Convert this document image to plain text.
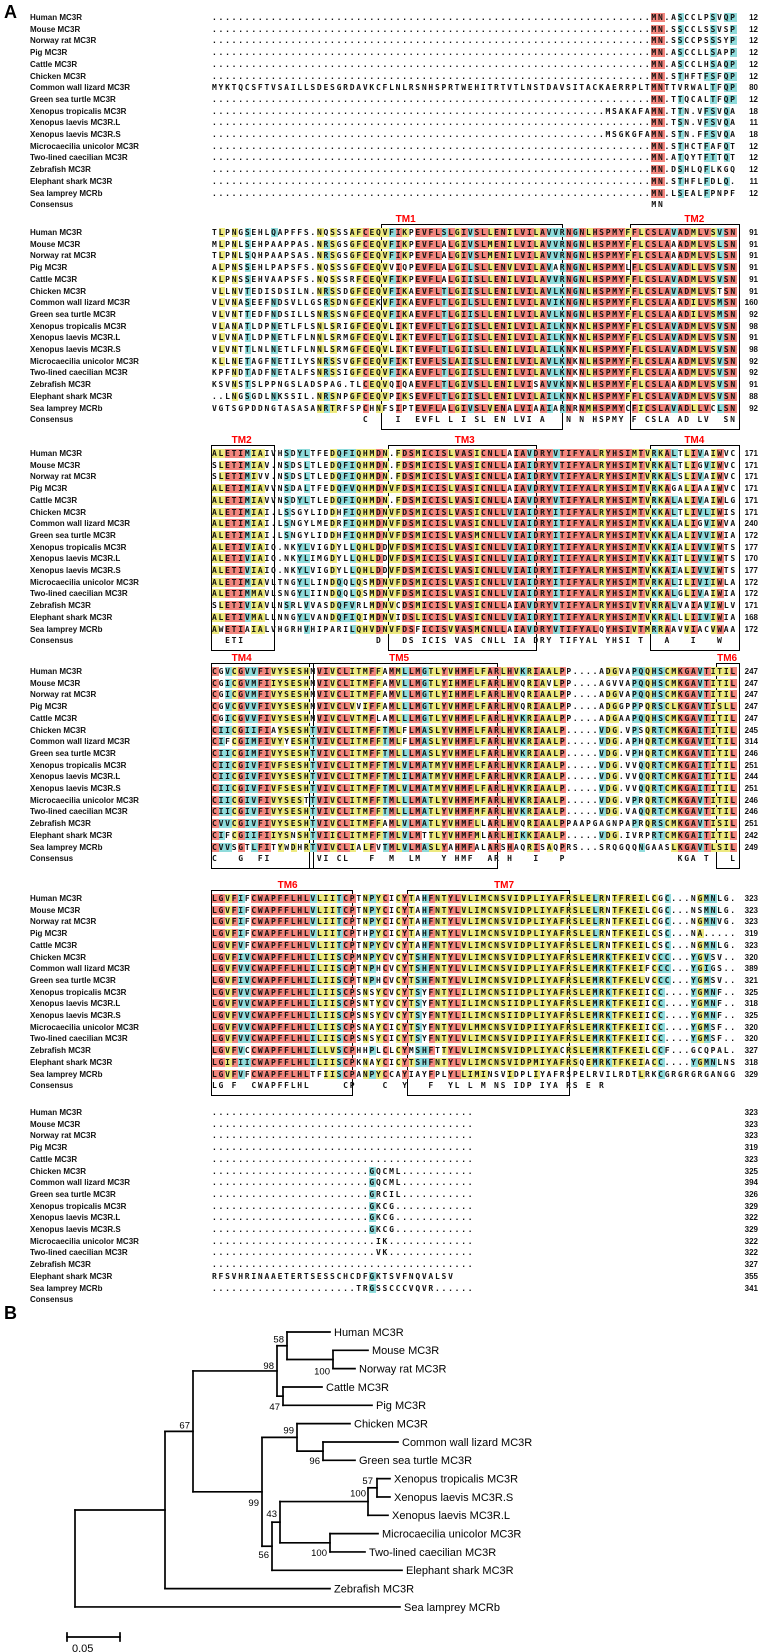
A Human MC3R	...................................................................MN.ASCCLPSVQP	12
Mouse MC3R	...................................................................MN.SSCCLSSVSP	12
Norway rat MC3R	...................................................................MN.SSCCPSSSYP	12
Pig MC3R	...................................................................MN.ASCCLLSAPP	12
Cattle MC3R	...................................................................MN.ASCCLHSAQP	12
Chicken MC3R	...................................................................MN.STHFTFSFQP	12
Common wall lizard MC3R	MYKTQCSFTVSAILLSDESGRDAVKCFLNLRSNHSPRTWEHITRTVTLNSTDAVSITACKAERRPLTMNTTVRWALTFQP	80
Green sea turtle MC3R	...................................................................MN.TTQCALTFQP	12
Xenopus tropicalis MC3R	............................................................MSAKAFAMN.TTN.VFSVQA 18
Xenopus laevis MC3R.L	...................................................................MN.TSN.VFSVQA 11
Xenopus laevis MC3R.S	............................................................MSGKGFAMN.STN.FFSVQA 18
Microcaecilia unicolor MC3R	...................................................................MN.STHCTFAFQT 12
Two-lined caecilian MC3R	...................................................................MN.ATQYTFTTQT 12
Zebrafish MC3R	...................................................................MN.DSHLQFLKGQ 12
Elephant shark MC3R	...................................................................MN.STHFLFDLQ. 11
Sea lamprey MCRb	...................................................................MN.LSEALFPNPF 12
Consensus	MN
TM1	TM2
Human MC3R	TLPNGSEHLQAPFFS.NQSSSAFCEQVFIKPEVFLSLGIVSLLENILVILAVVRNGNLHSPMYFFLCSLAVADMLVSVSN	91
Mouse MC3R	MLPNLSEHPAAPPAS.NRSGSGFCEQVFIKPEVFLALGIVSLMENILVILAVVRNGNLHSPMYFFLCSLAAADMLVSLSN	91
Norway rat MC3R	TLPNLSQHPAAPSAS.NRSGSGFCEQVFIKPEVFLALGIVSLMENILVILAVVRNGNLHSPMYFFLCSLAAADMLVSLSN	91
Pig MC3R	ALPNSSEHLPAPSFS.NQSSSGFCEQVVIQPEVFLALGILSLLENVLVILAVARNGNLHSPMYLFLCSLAVADLLVSVSN	91
Cattle MC3R	KLPNSSEHVAAPSFS.NQSSSRFCEQVFIKPEVFLALGIISLLENILVILAVVRNGNLHSPMYFFLCSLAVADMLVSVSN	91
Chicken MC3R	VLLNVTEDISDSILN.NRSSDGFCEQVFIKAEVFLTLGIISLLENILVILAVLKNGNLHSPMYFFLCSLAVADMLVSTSN	91
Common wall lizard MC3R	VLVNASEEFNDSVLLGSRSDNGFCEKVFIKAEVFLTLGILSLLENILVILAVIKNGNLHSPMYFFLCSLAAADILVSMSN 160
Green sea turtle MC3R	VLVNTTEDFNDSILLSNRSSNGFCEQVFIKAEVFLTLGIISLLENILVILAVLKNGNLHSPMYFFLCSLAAADILVSMSN	92
Xenopus tropicalis MC3R	VLANATLDPNETLFLSNLSRIGFCEQVLIKTEVFLTLGIISLLENILVILAILKNKNLHSPMYFFLCSLAVADMLVSVSN	98
Xenopus laevis MC3R.L	VLVNATLDPNETLFLNNLSRMGFCEQVLIKTEVFLTLGIISLLENILVILAILKNKNLHSPMYFFLCSLAVADMLVSVSN	91
Xenopus laevis MC3R.S	VLVNTTLNLNETLFLNNLSRMGFCEQVLIKTEVFLTLGIISLLENILVILAILKNKNLHSPMYFFLCSLAVADMLVSVSN	98
Microcaecilia unicolor MC3R	KLLNETAGFNETILYSNRSSVGFCEQVFIKTEVFLSLAIISLLENILVILAVLKNKNLHSPMYFFLCSLAAADMLVSVSN	92
Two-lined caecilian MC3R	KPFNDTADFNETALFSNRSSIGFCEQVFIKAEVFLTLGIISLLENILVILAVLKNKNLHSPMYFFLCSLAAADMLVSVSN	92
Zebrafish MC3R	KSVNSTSLPPNGSLADSPAG.TLCEQVQIQAEVFLTLGIVSLLENILVISAVVKNKNLHSPMYFFLCSLAAADMLVSVSN	91
Elephant shark MC3R	..LNGSGDLNKSSIL.NRSNPGFCEQVPIKSEVFLTLGIISLLENILVILAILKNKNLHSPMYFFLCSLAVADMLVSVSN	88
Sea lamprey MCRb	VGTSGPDDNGTASASANRTRFSPCHNFSIPTEVFLALGIVSLVENALVIAAIARNRNMHSPMYCFICSLAVADLLVCLSN	92
Consensus	C    I  EVFL L I SL EN LVI A   N N HSPMY F CSLA AD LV  SN
TM2	TM3	TM4
Human MC3R	ALETIMIAIVHSDYLTFEDQFIQHMDN.FDSMICISLVASICNLLAIAVDRYVTIFYALRYHSIMTVRKALTLIVAIWVC 171
Mouse MC3R	SLETIMIAV.NSDSLTLEDQFIQHMDN.FDSMICISLVASICNLLAIAIDRYVTIFYALRYHSIMTVRKALTLIGVIWVC 171
Norway rat MC3R	SLETIMIVV.NSDSLTLEDQFIQHMDN.FDSMICISLVASICNLLAIAIDRYVTIFYALRYHSIMTVRKALSLIVAIWVC 171
Pig MC3R	ALETIMIAVVNSDALTFEDQFVQHMDNVFDSMICISLVASICNLLAIAVDRYVTIFYALRYHSIMTVRKAGALIAAIWVC 171
Cattle MC3R	ALETIMIAVVNSDYLTLEDQFIQHMDN.FDSMICISLVASICNLLAIAVDRYVTIFYALRYHSIMTVRKALALIVAIWLG 171
Chicken MC3R	ALETIMIAI.LSSGYLIDDHFIQHMDNVFDSMICISLVASICNLLVIAIDRYITIFYALRYHSIMTVKKALTLIVLIWIS 171
Common wall lizard MC3R	ALETIMIAI.LSNGYLMEDRFIQHMDNVFDSMICISLVASICNLLVIAIDRYITIFYALRYHSIMTVKKALALIGVIWVA 240
Green sea turtle MC3R	ALETIMIAI.LSNGYLIDDHFIQHMDNVFDSMICISLVASMCNLLVIAIDRYITIFYALRYHSIMTVKKALALIVVIWIA 172
Xenopus tropicalis MC3R	ALETIVIAIQ.NKYLVIGDYLLQHLDDVFDSMICISLVASICNLLVIAIDRYITIFYALRYHSIMTVKKAIALIVVIWTS 177
Xenopus laevis MC3R.L	ALETIVIAIQ.NKYLIMGDYLLQHLDDVFDSMICISLVASICNLLVIAIDRYITIFYALRYHSIMTVKKAITLIVVIWTS 170
Xenopus laevis MC3R.S	ALETIVIAIQ.NKYLVIGDYLLQHLDDVFDSMICISLVASICNLLVIAIDRYITIFYALRYHSIMTVKKAIALIVVIWTS 177
Microcaecilia unicolor MC3R	ALETIMIAVLTNGYLLINDQQLQSMDNVFDSMICISLVASICNLLVIAIDRYITIFYALRYHSIMTVRKALILIVIIWLA 172
Two-lined caecilian MC3R	ALETIMMAVLSNGYLIINDQQLQSMDNVFDSMICISLVASICNLLVIAIDRYITIFYALRYHSIMTVKKALGLIVAIWIA 172
Zebrafish MC3R	SLETIVIAVLNSRLVVASDQFVRLMDNVCDSMICISLVASICNLLAIAVDRYVTIFYALRYHSIVTVRRALVAIAVIWLV 171
Elephant shark MC3R	ALETIVMALLNNGYLVANDQFIQIMDNVIDSLICISLVASICNLLVIAIDRYITIFYALRYHSIMTVKRALLLIIVIWIA 168
Sea lamprey MCRb	AWETIAIALVHGRHVHIPARILQHVDNVFDSFICISVVASMCNLLAIAVDRYVTIFYALQYHSIVTMRRAAVVIACVWAA 172
Consensus	ETI                    D   DS ICIS VAS CNLL IA DRY TIFYAL YHSI T   A   I   W
TM4	TM5	TM6
Human MC3R	CGVCGVVFIVYSESHMVIVCLITMFFAMMLLMGTLYVHMFLFARLHVKRIAALPP....ADGVAPQQHSCMKGAVTITIL 247
Mouse MC3R	CGICGVMFIIYSESHMVIVCLITMFFAMVLLMGTLYIHMFLFARLHVQRIAVLPP....AGVVAPQQHSCMKGAVTITIL 247
Norway rat MC3R	CGICGVMFIVYSESHMVIVCLITMFFAMVLLMGTLYIHMFLFARLHVQRIAALPP....ADGVAPQQHSCMKGAVTITIL 247
Pig MC3R	CGVCGVVFIVYSESHMVIVCLVVIFFAMLLLMGTLYVHMFLFARLHVQRIAALPP....ADGGPPPQRSCLKGAVTISLL 247
Cattle MC3R	CGICGVVFIVYSESHMVIVCLVTMFLAMLLLMGTLYVHMFLFARLHVKRIAALPP....ADGAAPQQHSCMKGAVTITIL 247
Chicken MC3R	CIICGIIFIAYSESHTVIVCLITMFFTMLFLMASLYVHMFLFARLHVKRIAALP.....VDG.VPSQRTCMKGAITITIL 245
Common wall lizard MC3R	CIFCGIMFIVYYESHTVIVCLITMFFTMLFLMASLYVHMFLFARLHVKRIAALP.....VDG.APHQRTCMKGAVTITIL 314
Green sea turtle MC3R	CIICGIMFIVYSESHTVIVCLITMFFTMLLLMASLYVHMFLFARLHVKRIAALP.....VDG.VPHQRTCMKGAVTITIL 246
Xenopus tropicalis MC3R	CIICGIVFIVFSESHTVIVCLITMFFTMLVLMATMYVHMFLFARLHVKRIAALP.....VDG.VVQQRTCMKGAITITIL 251
Xenopus laevis MC3R.L	CIICGIVFIVYSESHTVIVCLITMFFTMLILMATMYVHMFLFARLHVKRIAALP.....VDG.VVQQRTCMKGAITITIL 244
Xenopus laevis MC3R.S	CIICGIVFIVFSESHTVIVCLITMFFTMLVLMATMYVHMFLFARLHVKRIAALP.....VDG.VVQQRTCMKGAITITIL 251
Microcaecilia unicolor MC3R	CIICGIVFIVYSESTTVIVCLITMFFTMLLLMATLYVHMFMFARLHVKRIAALP.....VDG.VPRQRTCMKGAVTITIL 246
Two-lined caecilian MC3R	CIICGIVFIVYSESHTVIVCLITMFFTMLLLMATLYVHMFMFARLHVKRIAALP.....VDG.VAQQRTCMKGAVTITIL 246
Zebrafish MC3R	CVVCGIVFIVYSESHTVIVCLITMFFAMLVLMATLYVHMFLLARLHVQRIAALPPAAPGAGNPAPRQRSCMKGAVTISIL 251
Elephant shark MC3R	CIFCGIIFIIYSNSHTVIICLITMFFTMLVLMTTLYVHMFMLARLHIKKIAALP.....VDG.IVRPRTCMKGAITITIL 242
Sea lamprey MCRb	CVVSGTLFITYWDHRTVIVCLIALFVTMLVLMASLYAHMFALARSHAQRISAQPRS...SRQGQQNGAASLKGAVTLSIL 249
Consensus	C   G  FI       VI CL   F  M  LM   Y HMF  AR H   I   P                 KGA T   L
TM6	TM7
Human MC3R	LGVFIFCWAPFFLHLVLIITCPTNPYCICYTAHFNTYLVLIMCNSVIDPLIYAFRSLELRNTFREILCGC...NGMNLG. 323
Mouse MC3R	LGVFIFCWAPFFLHLVLIITCPTNPYCICYTAHFNTYLVLIMCNSVIDPLIYAFRSLELRNTFKEILCGC...NSMNLG. 323
Norway rat MC3R	LGVFIFCWAPFFLHLVLIITCPTNPYCICYTAHFNTYLVLIMCNSVIDPLIYAFRSLELRNTFKEILCGC...NGMNVG. 323
Pig MC3R	LGVFIFCWAPFFLHLVLIITCPTHPYCICYTAHFNTYLVLIMCNSVIDPLIYAFRSLELRNTFKEILCSC...NA..... 319
Cattle MC3R	LGVFVFCWAPFFLHLVLIITCPTNPYCVCYTAHFNTYLVLIMCNSVIDPLIYAFRSLELRNTFKEILCSC...NGMNLG. 323
Chicken MC3R	LGVFIVCWAPFFLHLILIISCPMNPYCVCYTSHFNTYLVLIMCNSVIDPLIYAFRSLEMRKTFKEIVCCC...YGVSV.. 320
Common wall lizard MC3R	LGVFVVCWAPFFLHLILIISCPTNPHCVCYTSHFNTYLVLIMCNSVIDPLIYAFRSLEMRKTFKEIFCCC...YGIGS.. 389
Green sea turtle MC3R	LGVFIVCWAPFFLHLILIISCPTNPHCVCYTSHFNTYLVLIMCNSVIDPLIYAFRSLEMRKTFKELVCCC...YGMSV.. 321
Xenopus tropicalis MC3R	LGVFVVCWAPFFLHLILIISCPSNSYCVCYTSYFNTYLILIMCNSIIDPLIYAFRSLEMRKTFKEIICC....YGMNF.. 325
Xenopus laevis MC3R.L	LGVFVVCWAPFFLHLILIISCPSNTYCVCYTSYFNTYLILIMCNSIIDPLIYAFRSLEMRKTFKEIICC....YGMNF.. 318
Xenopus laevis MC3R.S	LGVFVVCWAPFFLHLILIISCPSNSYCVCYTSYFNTYLILIMCNSIIDPLIYAFRSLEMRKTFKEIICC....YGMNF.. 325
Microcaecilia unicolor MC3R	LGVFVVCWAPFFLHLILIISCPSNAYCICYTSYFNTYLVLMMCNSVIDPIIYAFRSLEMRKTFKEIICC....YGMSF.. 320
Two-lined caecilian MC3R	LGVFVVCWAPFFLHLILIISCPSNSYCICYTSYFNTYLVLIMCNSVIDPIIYAFRSLEMRKTFKEIICC....YGMSF.. 320
Zebrafish MC3R	LGVFVCCWAPFFLHLILLVSCPHHPLCLCYMSHFTTYLVLIMCNSVIDPLIYACRSLEMRKTFKEILCCF...GCQPAL. 327
Elephant shark MC3R	LGIFIICWAPFFLHLILIISCPKNAYCICYTSHFNTYLVLIMCNSVIDPMIYAFRSQEMRKTFKEIACC....YGMNLNS 318
Sea lamprey MCRb	LGVFVFCWAPFFLHLTFIISCPANPYCCAYIAYFPLYLLIMINSVIDPLIYAFRSPELRVILRDTLRKCGRGRGRGANGG 329
Consensus	LG F  CWAPFFLHL     CP    C  Y   F  YL L M NS IDP IYA RS E R
Human MC3R	........................................	323
Mouse MC3R	........................................	323
Norway rat MC3R	........................................	323
Pig MC3R	........................................	319
Cattle MC3R	........................................	323
Chicken MC3R	........................GQCML...........	325
Common wall lizard MC3R	........................GQCML...........	394
Green sea turtle MC3R	........................GRCIL...........	326
Xenopus tropicalis MC3R	........................GKCG............	329
Xenopus laevis MC3R.L	........................GKCG............	322
Xenopus laevis MC3R.S	........................GKCG............	329
Microcaecilia unicolor MC3R	.........................IK.............	322
Two-lined caecilian MC3R	.........................VK.............	322
Zebrafish MC3R	........................................	327
Elephant shark MC3R	RFSVHRINAAETERTSESSCHCDFGKTSVFNQVALSV	355
Sea lamprey MCRb	......................TRGSSCCCVQVR......	341
Consensus

B
Human MC3R
Mouse MC3R
Norway rat MC3R
100
58
Cattle MC3R
Pig MC3R
47
98
Chicken MC3R
Common wall lizard MC3R
Green sea turtle MC3R
96
99
Xenopus tropicalis MC3R
Xenopus laevis MC3R.S
57
Xenopus laevis MC3R.L
100
Microcaecilia unicolor MC3R
Two-lined caecilian MC3R
100
43
Elephant shark MC3R
56
99
67
Zebrafish MC3R
Sea lamprey MCRb
0.05
